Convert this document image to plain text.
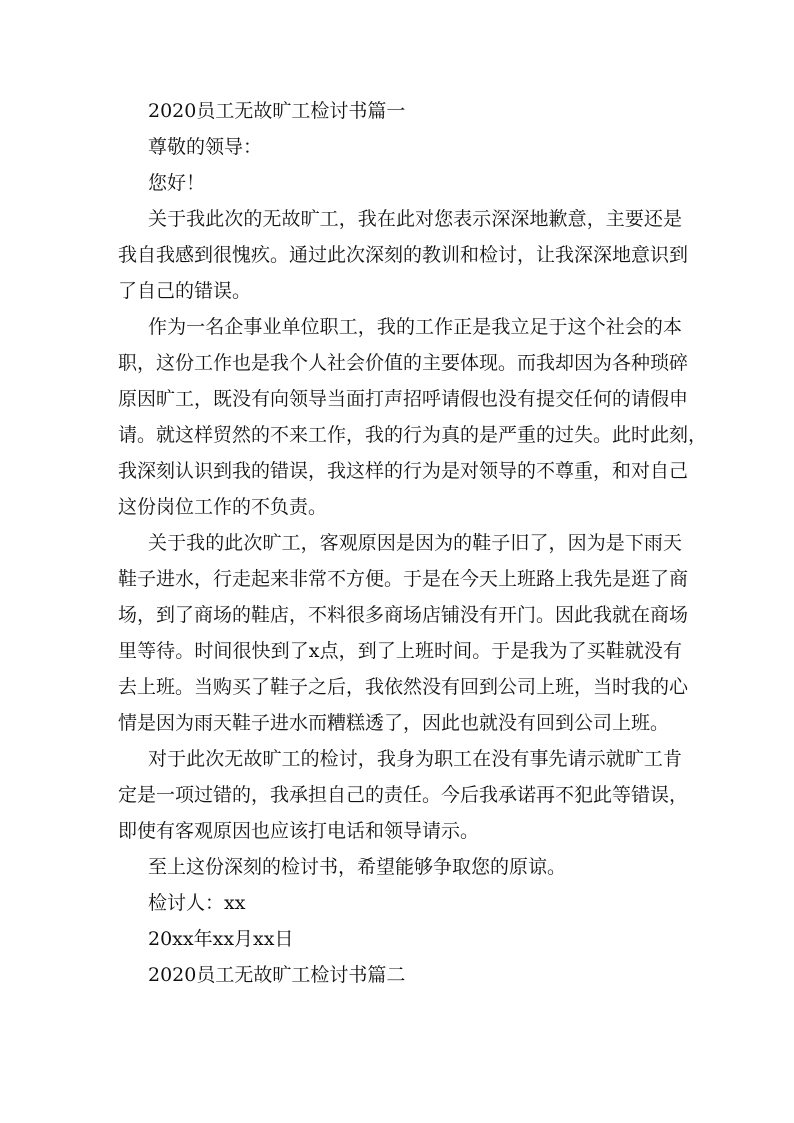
2020员工无故旷工检讨书篇一
尊敬的领导：
您好！
关于我此次的无故旷工，我在此对您表示深深地歉意，主要还是
我自我感到很愧疚。通过此次深刻的教训和检讨，让我深深地意识到
了自己的错误。
作为一名企事业单位职工，我的工作正是我立足于这个社会的本
职，这份工作也是我个人社会价值的主要体现。而我却因为各种琐碎
原因旷工，既没有向领导当面打声招呼请假也没有提交任何的请假申
请。就这样贸然的不来工作，我的行为真的是严重的过失。此时此刻，
我深刻认识到我的错误，我这样的行为是对领导的不尊重，和对自己
这份岗位工作的不负责。
关于我的此次旷工，客观原因是因为的鞋子旧了，因为是下雨天
鞋子进水，行走起来非常不方便。于是在今天上班路上我先是逛了商
场，到了商场的鞋店，不料很多商场店铺没有开门。因此我就在商场
里等待。时间很快到了x点，到了上班时间。于是我为了买鞋就没有
去上班。当购买了鞋子之后，我依然没有回到公司上班，当时我的心
情是因为雨天鞋子进水而糟糕透了，因此也就没有回到公司上班。
对于此次无故旷工的检讨，我身为职工在没有事先请示就旷工肯
定是一项过错的，我承担自己的责任。今后我承诺再不犯此等错误，
即使有客观原因也应该打电话和领导请示。
至上这份深刻的检讨书，希望能够争取您的原谅。
检讨人：xx
20xx年xx月xx日
2020员工无故旷工检讨书篇二
